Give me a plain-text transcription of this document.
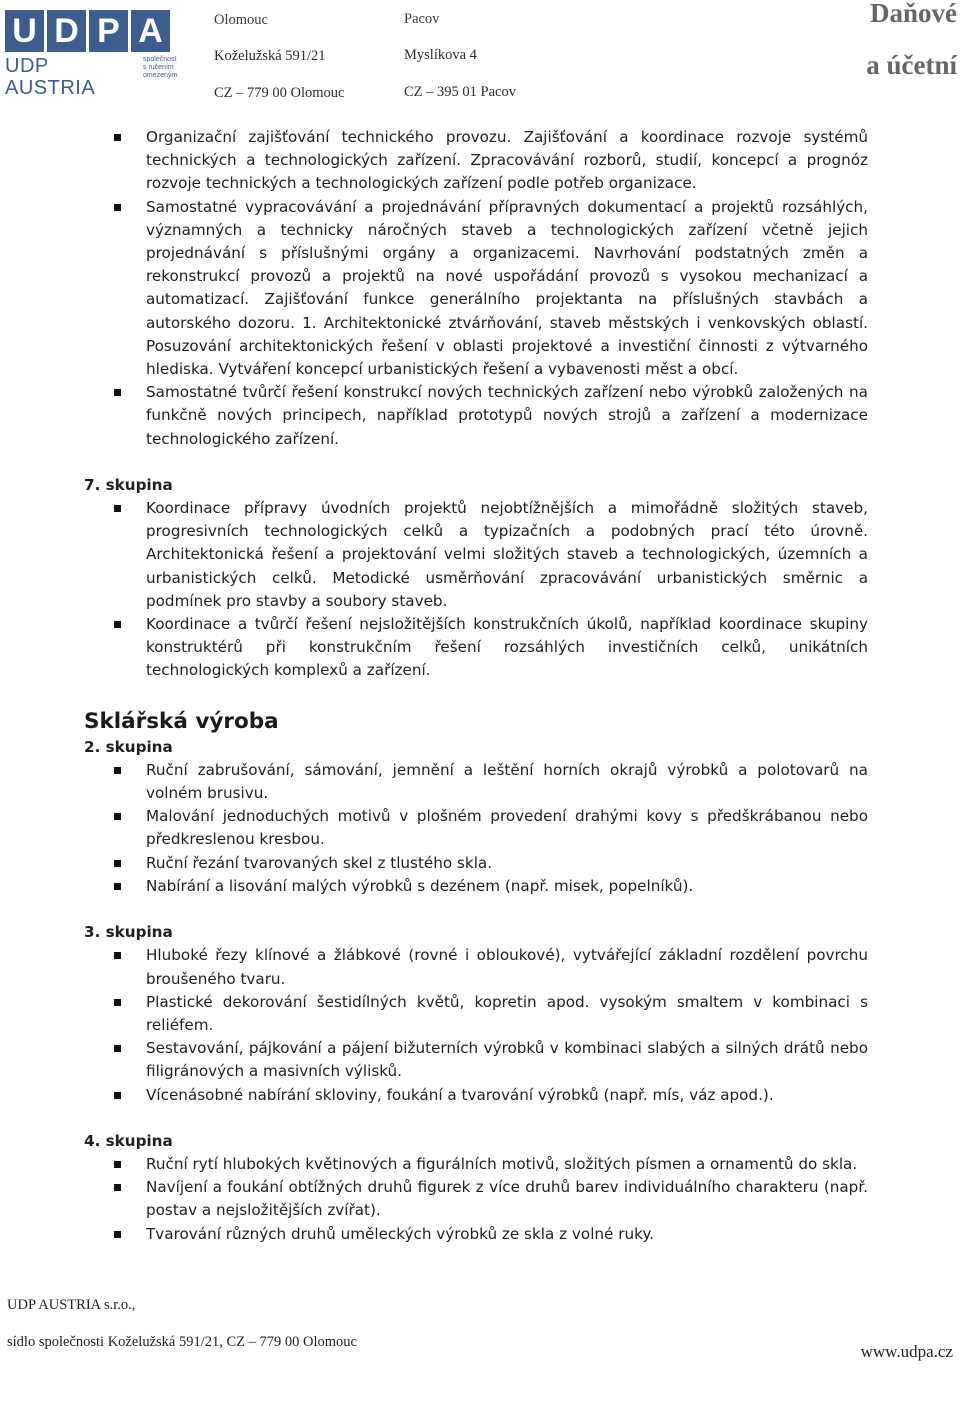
U D P A
UDP AUSTRIA
společnost s ručením omezeným
Olomouc
Koželužská 591/21
CZ – 779 00 Olomouc
Pacov
Myslíkova 4
CZ – 395 01 Pacov
Daňové
a účetní
Organizační zajišťování technického provozu. Zajišťování a koordinace rozvoje systémů technických a technologických zařízení. Zpracovávání rozborů, studií, koncepcí a prognóz rozvoje technických a technologických zařízení podle potřeb organizace.
Samostatné vypracovávání a projednávání přípravných dokumentací a projektů rozsáhlých, významných a technicky náročných staveb a technologických zařízení včetně jejich projednávání s příslušnými orgány a organizacemi. Navrhování podstatných změn a rekonstrukcí provozů a projektů na nové uspořádání provozů s vysokou mechanizací a automatizací. Zajišťování funkce generálního projektanta na příslušných stavbách a autorského dozoru. 1. Architektonické ztvárňování, staveb městských i venkovských oblastí. Posuzování architektonických řešení v oblasti projektové a investiční činnosti z výtvarného hlediska. Vytváření koncepcí urbanistických řešení a vybavenosti měst a obcí.
Samostatné tvůrčí řešení konstrukcí nových technických zařízení nebo výrobků založených na funkčně nových principech, například prototypů nových strojů a zařízení a modernizace technologického zařízení.

7. skupina

Koordinace přípravy úvodních projektů nejobtížnějších a mimořádně složitých staveb, progresivních technologických celků a typizačních a podobných prací této úrovně. Architektonická řešení a projektování velmi složitých staveb a technologických, územních a urbanistických celků. Metodické usměrňování zpracovávání urbanistických směrnic a podmínek pro stavby a soubory staveb.
Koordinace a tvůrčí řešení nejsložitějších konstrukčních úkolů, například koordinace skupiny konstruktérů při konstrukčním řešení rozsáhlých investičních celků, unikátních technologických komplexů a zařízení.

Sklářská výroba

2. skupina

Ruční zabrušování, sámování, jemnění a leštění horních okrajů výrobků a polotovarů na volném brusivu.
Malování jednoduchých motivů v plošném provedení drahými kovy s předškrábanou nebo předkreslenou kresbou.
Ruční řezání tvarovaných skel z tlustého skla.
Nabírání a lisování malých výrobků s dezénem (např. misek, popelníků).

3. skupina

Hluboké řezy klínové a žlábkové (rovné i obloukové), vytvářející základní rozdělení povrchu broušeného tvaru.
Plastické dekorování šestidílných květů, kopretin apod. vysokým smaltem v kombinaci s reliéfem.
Sestavování, pájkování a pájení bižuterních výrobků v kombinaci slabých a silných drátů nebo filigránových a masivních výlisků.
Vícenásobné nabírání skloviny, foukání a tvarování výrobků (např. mís, váz apod.).

4. skupina

Ruční rytí hlubokých květinových a figurálních motivů, složitých písmen a ornamentů do skla.
Navíjení a foukání obtížných druhů figurek z více druhů barev individuálního charakteru (např. postav a nejsložitějších zvířat).
Tvarování různých druhů uměleckých výrobků ze skla z volné ruky.
UDP AUSTRIA s.r.o.,
sídlo společnosti Koželužská 591/21, CZ – 779 00 Olomouc	www.udpa.cz
